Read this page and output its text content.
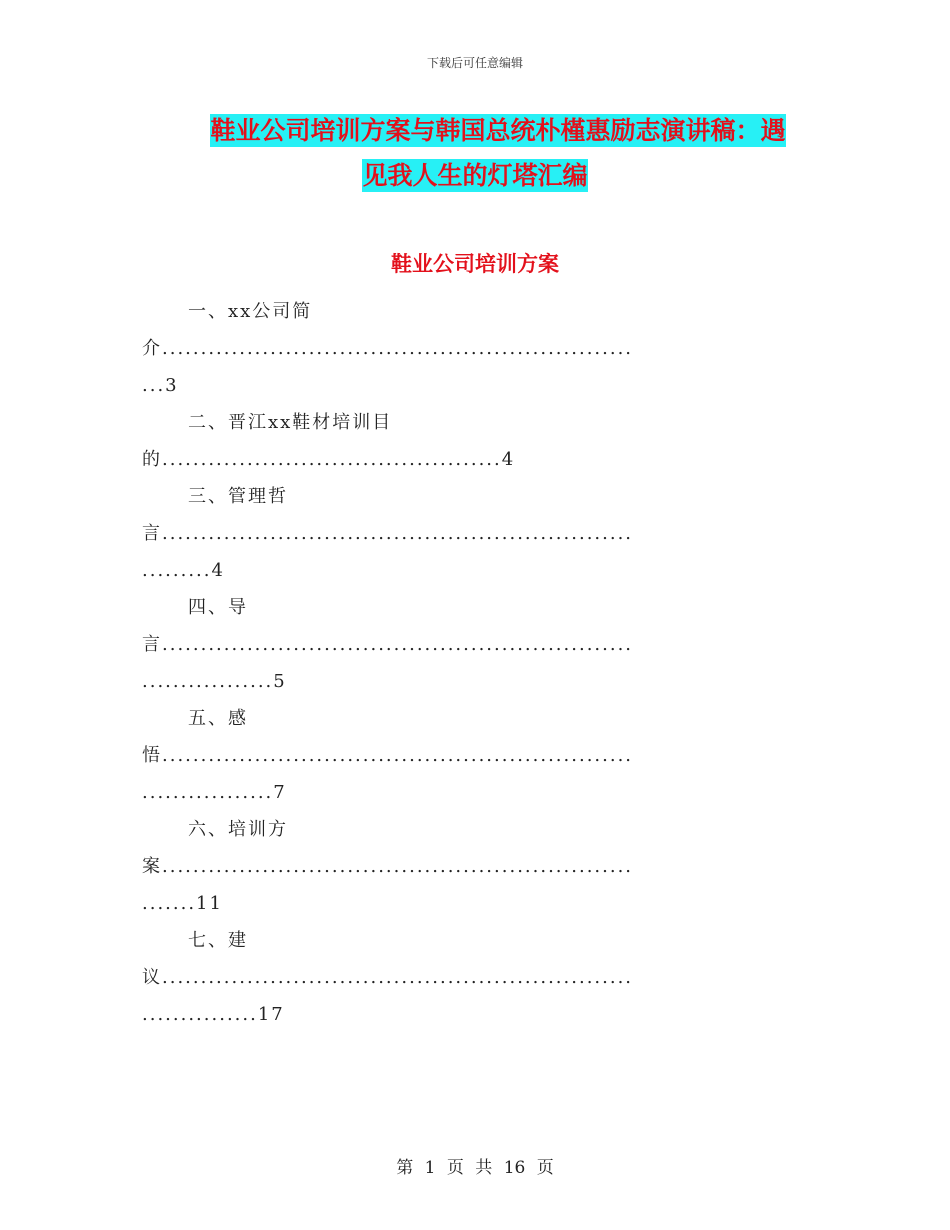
下载后可任意编辑
鞋业公司培训方案与韩国总统朴槿惠励志演讲稿：遇
见我人生的灯塔汇编
鞋业公司培训方案
一、xx公司简
介.............................................................
...3
二、晋江xx鞋材培训目
的............................................4
三、管理哲
言.............................................................
.........4
四、导
言.............................................................
.................5
五、感
悟.............................................................
.................7
六、培训方
案.............................................................
.......11
七、建
议.............................................................
...............17
第 1 页 共 16 页
